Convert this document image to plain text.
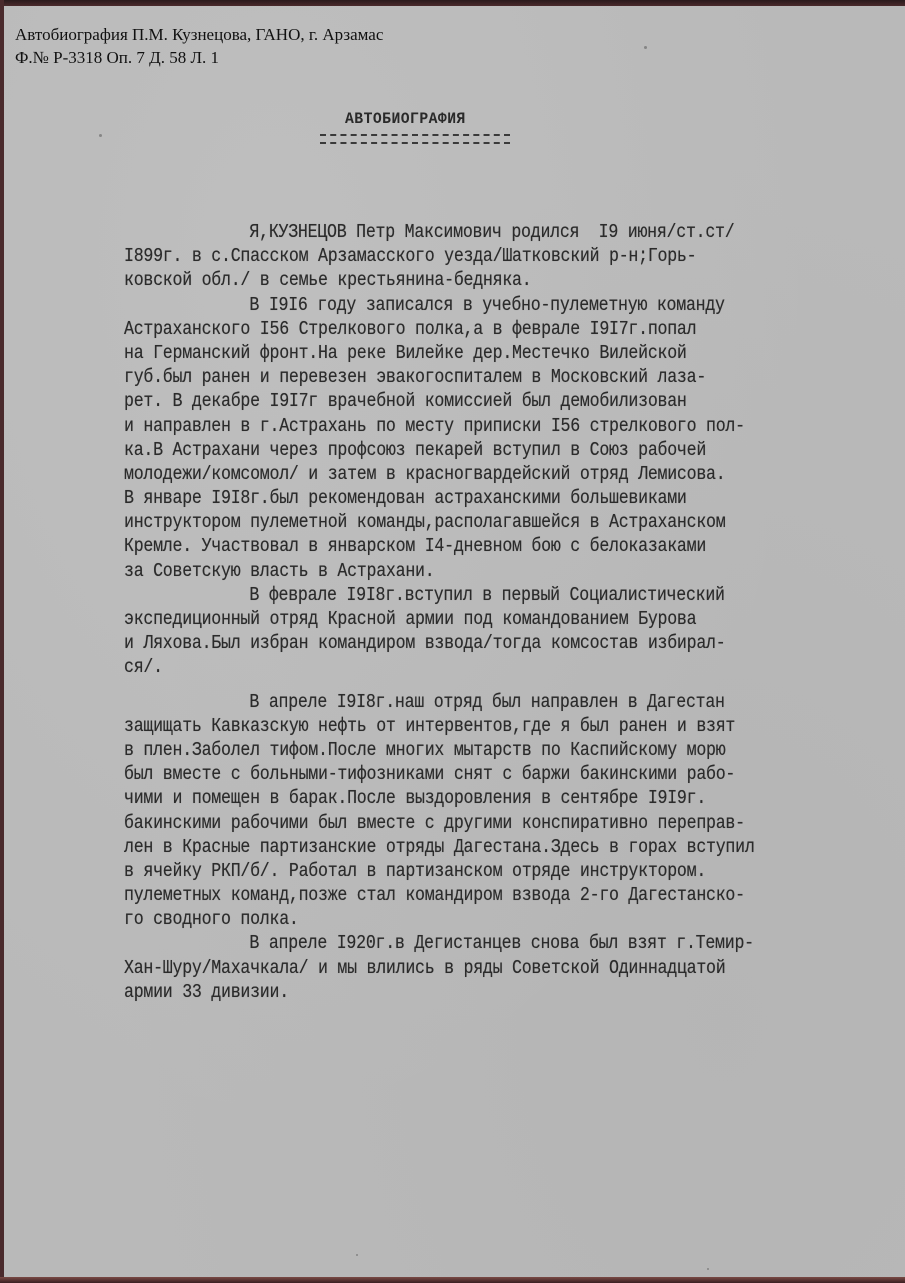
Автобиография П.М. Кузнецова, ГАНО, г. Арзамас
Ф.№ Р-3318 Оп. 7 Д. 58 Л. 1
АВТОБИОГРАФИЯ
Я,КУЗНЕЦОВ Петр Максимович родился  I9 июня/ст.ст/
I899г. в с.Спасском Арзамасского уезда/Шатковский р-н;Горь-
ковской обл./ в семье крестьянина-бедняка.
В I9I6 году записался в учебно-пулеметную команду
Астраханского I56 Стрелкового полка,а в феврале I9I7г.попал
на Германский фронт.На реке Вилейке дер.Местечко Вилейской
губ.был ранен и перевезен эвакогоспиталем в Московский лаза-
рет. В декабре I9I7г врачебной комиссией был демобилизован
и направлен в г.Астрахань по месту приписки I56 стрелкового пол-
ка.В Астрахани через профсоюз пекарей вступил в Союз рабочей
молодежи/комсомол/ и затем в красногвардейский отряд Лемисова.
В январе I9I8г.был рекомендован астраханскими большевиками
инструктором пулеметной команды,располагавшейся в Астраханском
Кремле. Участвовал в январском I4-дневном бою с белоказаками
за Советскую власть в Астрахани.
В феврале I9I8г.вступил в первый Социалистический
экспедиционный отряд Красной армии под командованием Бурова
и Ляхова.Был избран командиром взвода/тогда комсостав избирал-
ся/.
В апреле I9I8г.наш отряд был направлен в Дагестан
защищать Кавказскую нефть от интервентов,где я был ранен и взят
в плен.Заболел тифом.После многих мытарств по Каспийскому морю
был вместе с больными-тифозниками снят с баржи бакинскими рабо-
чими и помещен в барак.После выздоровления в сентябре I9I9г.
бакинскими рабочими был вместе с другими конспиративно переправ-
лен в Красные партизанские отряды Дагестана.Здесь в горах вступил
в ячейку РКП/б/. Работал в партизанском отряде инструктором.
пулеметных команд,позже стал командиром взвода 2-го Дагестанско-
го сводного полка.
В апреле I920г.в Дегистанцев снова был взят г.Темир-
Хан-Шуру/Махачкала/ и мы влились в ряды Советской Одиннадцатой
армии 33 дивизии.
